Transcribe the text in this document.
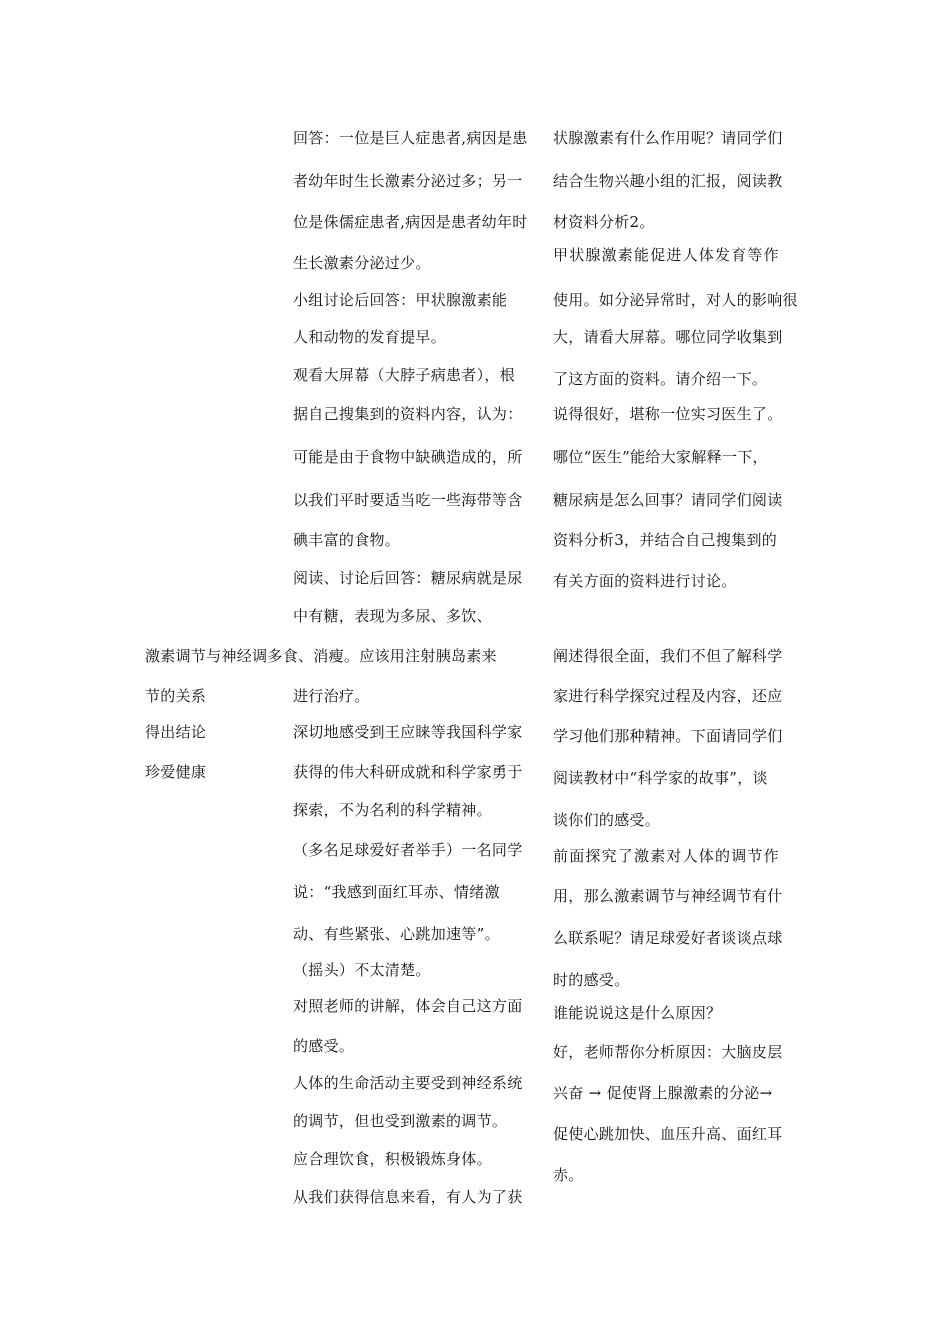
回答：一位是巨人症患者,病因是患
者幼年时生长激素分泌过多；另一
位是侏儒症患者,病因是患者幼年时
生长激素分泌过少。
小组讨论后回答：甲状腺激素能
人和动物的发育提早。
观看大屏幕（大脖子病患者），根
据自己搜集到的资料内容，认为：
可能是由于食物中缺碘造成的，所
以我们平时要适当吃一些海带等含
碘丰富的食物。
阅读、讨论后回答：糖尿病就是尿
中有糖，表现为多尿、多饮、
进行治疗。
深切地感受到王应睐等我国科学家
获得的伟大科研成就和科学家勇于
探索，不为名利的科学精神。
（多名足球爱好者举手）一名同学
说：“我感到面红耳赤、情绪激
动、有些紧张、心跳加速等”。
（摇头）不太清楚。
对照老师的讲解，体会自己这方面
的感受。
人体的生命活动主要受到神经系统
的调节，但也受到激素的调节。
应合理饮食，积极锻炼身体。
从我们获得信息来看，有人为了获
状腺激素有什么作用呢？请同学们
结合生物兴趣小组的汇报，阅读教
材资料分析2。
甲状腺激素能促进人体发育等作
使用。如分泌异常时，对人的影响很
大，请看大屏幕。哪位同学收集到
了这方面的资料。请介绍一下。
说得很好，堪称一位实习医生了。
哪位“医生”能给大家解释一下，
糖尿病是怎么回事？请同学们阅读
资料分析3，并结合自己搜集到的
有关方面的资料进行讨论。
阐述得很全面，我们不但了解科学
家进行科学探究过程及内容，还应
学习他们那种精神。下面请同学们
阅读教材中“科学家的故事”，谈
谈你们的感受。
前面探究了激素对人体的调节作
用，那么激素调节与神经调节有什
么联系呢？请足球爱好者谈谈点球
时的感受。
谁能说说这是什么原因？
好，老师帮你分析原因：大脑皮层
兴奋 → 促使肾上腺激素的分泌→
促使心跳加快、血压升高、面红耳
赤。
激素调节与神经调多食、消瘦。应该用注射胰岛素来
节的关系
得出结论
珍爱健康
